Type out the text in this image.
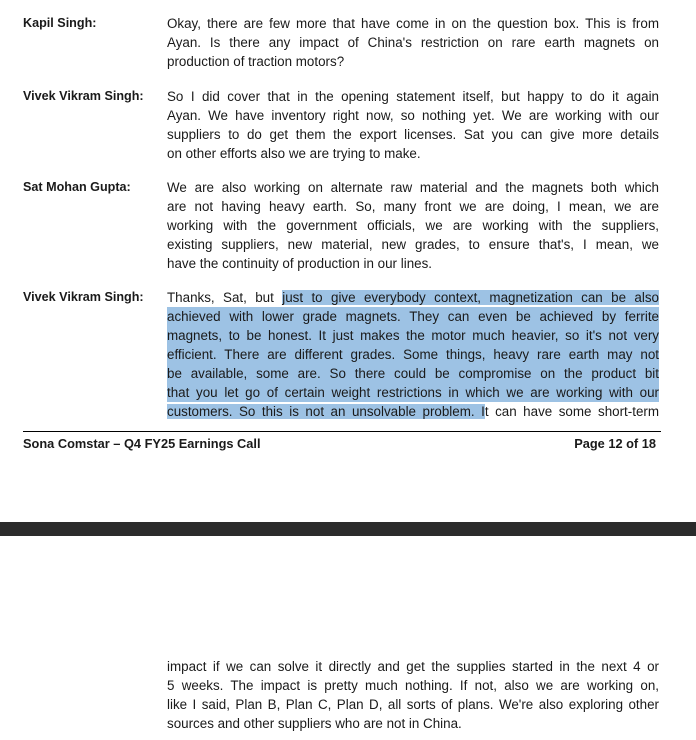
Kapil Singh:	Okay, there are few more that have come in on the question box. This is from
Ayan. Is there any impact of China's restriction on rare earth magnets on
production of traction motors?
Vivek Vikram Singh: So I did cover that in the opening statement itself, but happy to do it again
Ayan. We have inventory right now, so nothing yet. We are working with our
suppliers to do get them the export licenses. Sat you can give more details
on other efforts also we are trying to make.
Sat Mohan Gupta:	We are also working on alternate raw material and the magnets both which
are not having heavy earth. So, many front we are doing, I mean, we are
working with the government officials, we are working with the suppliers,
existing suppliers, new material, new grades, to ensure that's, I mean, we
have the continuity of production in our lines.
Vivek Vikram Singh: Thanks, Sat, but just to give everybody context, magnetization can be also
achieved with lower grade magnets. They can even be achieved by ferrite
magnets, to be honest. It just makes the motor much heavier, so it's not very
efficient. There are different grades. Some things, heavy rare earth may not
be available, some are. So there could be compromise on the product bit
that you let go of certain weight restrictions in which we are working with our
customers. So this is not an unsolvable problem. It can have some short-term
Sona Comstar – Q4 FY25 Earnings Call	Page 12 of 18
impact if we can solve it directly and get the supplies started in the next 4 or
5 weeks. The impact is pretty much nothing. If not, also we are working on,
like I said, Plan B, Plan C, Plan D, all sorts of plans. We're also exploring other
sources and other suppliers who are not in China.
